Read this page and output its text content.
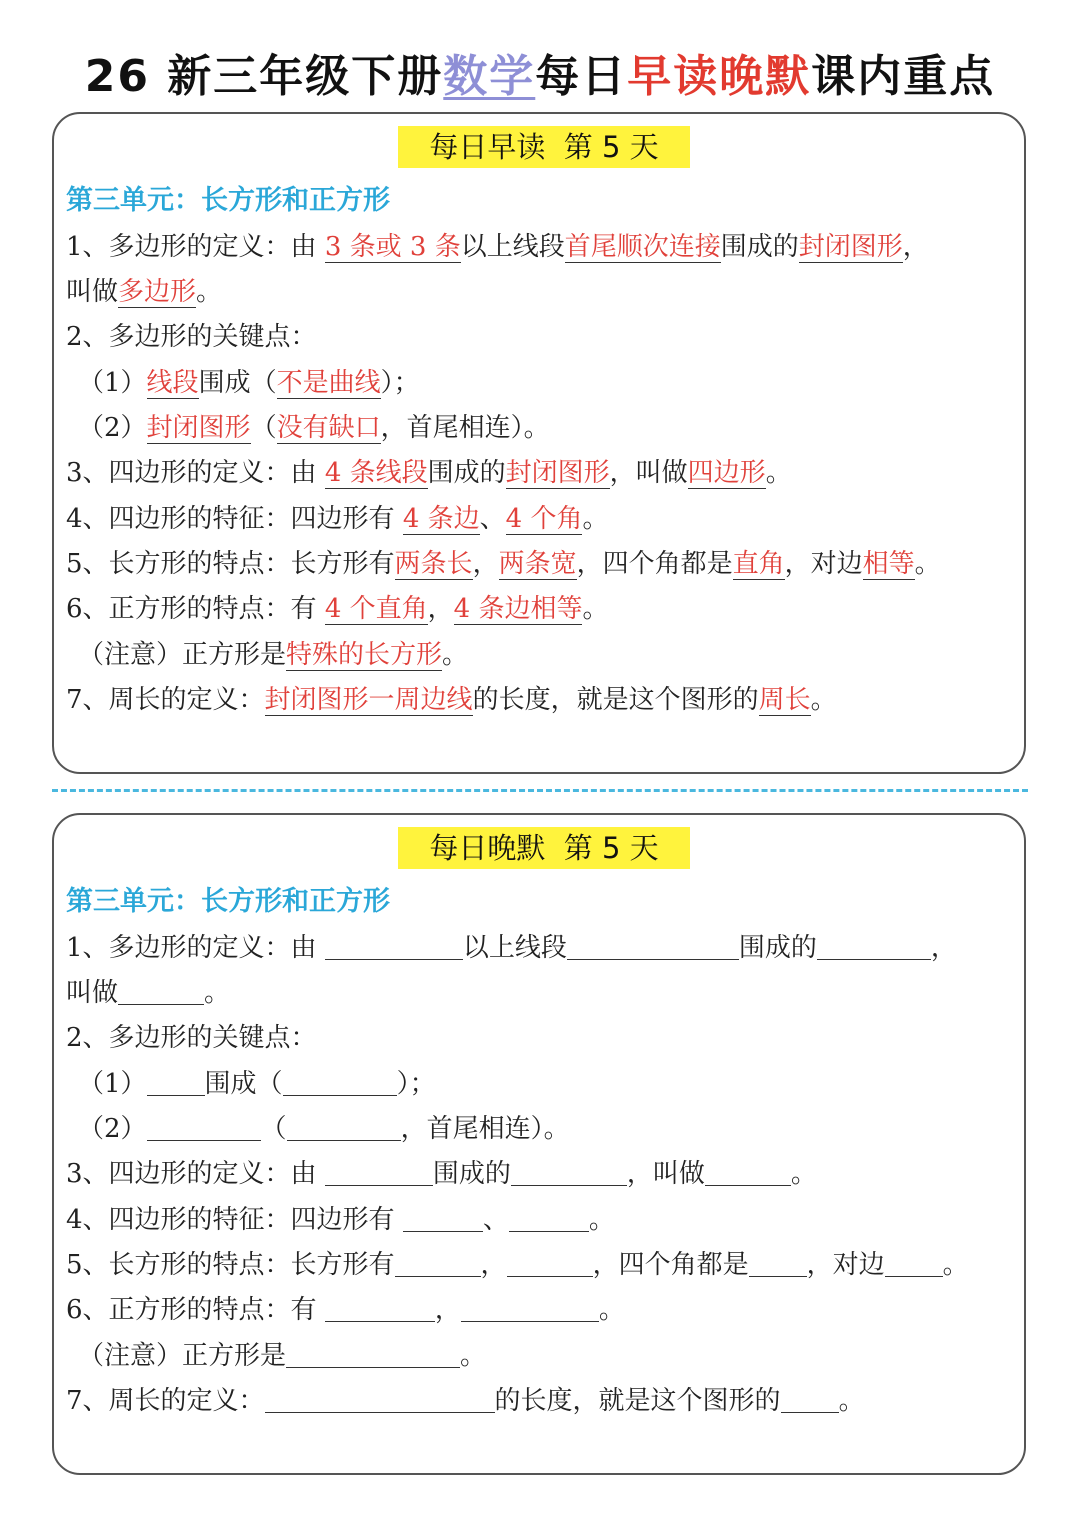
26 新三年级下册数学每日早读晚默课内重点
每日早读  第 5 天
第三单元：长方形和正方形
1、多边形的定义：由 3 条或 3 条以上线段首尾顺次连接围成的封闭图形，
叫做多边形。
2、多边形的关键点：
（1）线段围成（不是曲线）；
（2）封闭图形（没有缺口，首尾相连）。
3、四边形的定义：由 4 条线段围成的封闭图形，叫做四边形。
4、四边形的特征：四边形有 4 条边、4 个角。
5、长方形的特点：长方形有两条长，两条宽，四个角都是直角，对边相等。
6、正方形的特点：有 4 个直角，4 条边相等。
（注意）正方形是特殊的长方形。
7、周长的定义：封闭图形一周边线的长度，就是这个图形的周长。
每日晚默  第 5 天
第三单元：长方形和正方形
1、多边形的定义：由	以上线段	围成的	，
叫做	。
2、多边形的关键点：
（1） 围成（	）；
（2）	（	，首尾相连）。
3、四边形的定义：由	围成的	，叫做	。
4、四边形的特征：四边形有	、	。
5、长方形的特点：长方形有	，	，四个角都是 ，对边 。
6、正方形的特点：有	，	。
（注意）正方形是	。
7、周长的定义：	的长度，就是这个图形的 。
